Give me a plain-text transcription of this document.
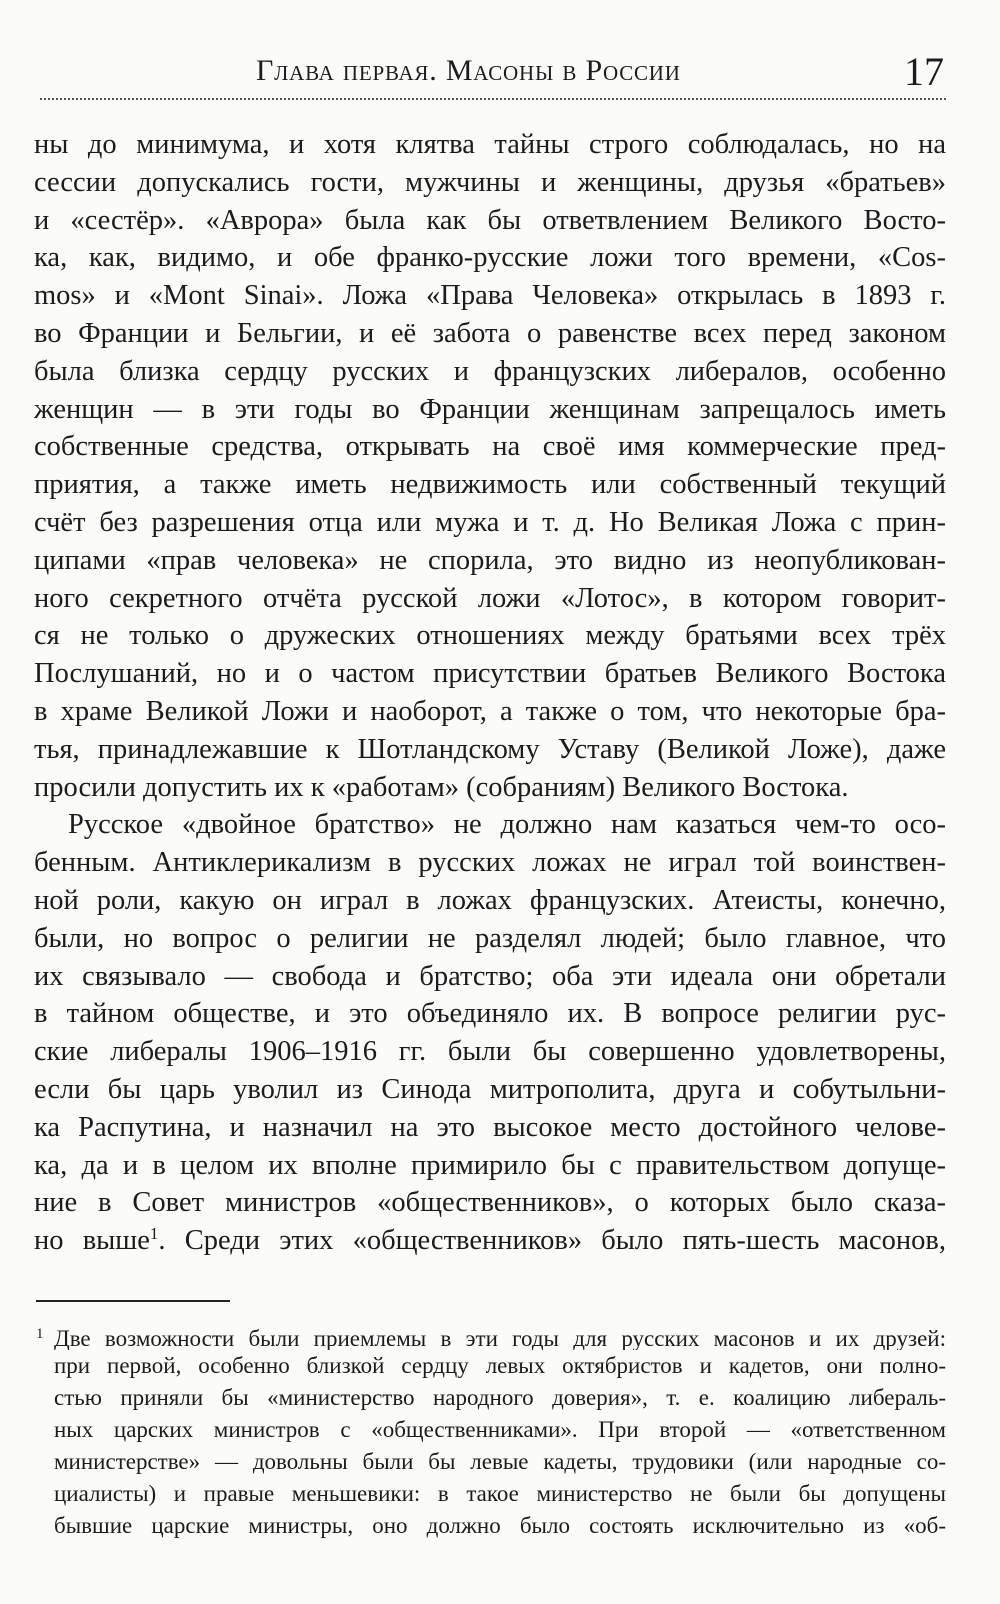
Глава первая. Масоны в России	17
ны до минимума, и хотя клятва тайны строго соблюдалась, но на
сессии допускались гости, мужчины и женщины, друзья «братьев»
и «сестёр». «Аврора» была как бы ответвлением Великого Восто-
ка, как, видимо, и обе франко-русские ложи того времени, «Cos-
mos» и «Mont Sinai». Ложа «Права Человека» открылась в 1893 г.
во Франции и Бельгии, и её забота о равенстве всех перед законом
была близка сердцу русских и французских либералов, особенно
женщин — в эти годы во Франции женщинам запрещалось иметь
собственные средства, открывать на своё имя коммерческие пред-
приятия, а также иметь недвижимость или собственный текущий
счёт без разрешения отца или мужа и т. д. Но Великая Ложа с прин-
ципами «прав человека» не спорила, это видно из неопубликован-
ного секретного отчёта русской ложи «Лотос», в котором говорит-
ся не только о дружеских отношениях между братьями всех трёх
Послушаний, но и о частом присутствии братьев Великого Востока
в храме Великой Ложи и наоборот, а также о том, что некоторые бра-
тья, принадлежавшие к Шотландскому Уставу (Великой Ложе), даже
просили допустить их к «работам» (собраниям) Великого Востока.
Русское «двойное братство» не должно нам казаться чем-то осо-
бенным. Антиклерикализм в русских ложах не играл той воинствен-
ной роли, какую он играл в ложах французских. Атеисты, конечно,
были, но вопрос о религии не разделял людей; было главное, что
их связывало — свобода и братство; оба эти идеала они обретали
в тайном обществе, и это объединяло их. В вопросе религии рус-
ские либералы 1906–1916 гг. были бы совершенно удовлетворены,
если бы царь уволил из Синода митрополита, друга и собутыльни-
ка Распутина, и назначил на это высокое место достойного челове-
ка, да и в целом их вполне примирило бы с правительством допуще-
ние в Совет министров «общественников», о которых было сказа-
но выше$^1$. Среди этих «общественников» было пять-шесть масонов,
1 Две возможности были приемлемы в эти годы для русских масонов и их друзей:
при первой, особенно близкой сердцу левых октябристов и кадетов, они полно-
стью приняли бы «министерство народного доверия», т. е. коалицию либераль-
ных царских министров с «общественниками». При второй — «ответственном
министерстве» — довольны были бы левые кадеты, трудовики (или народные со-
циалисты) и правые меньшевики: в такое министерство не были бы допущены
бывшие царские министры, оно должно было состоять исключительно из «об-
